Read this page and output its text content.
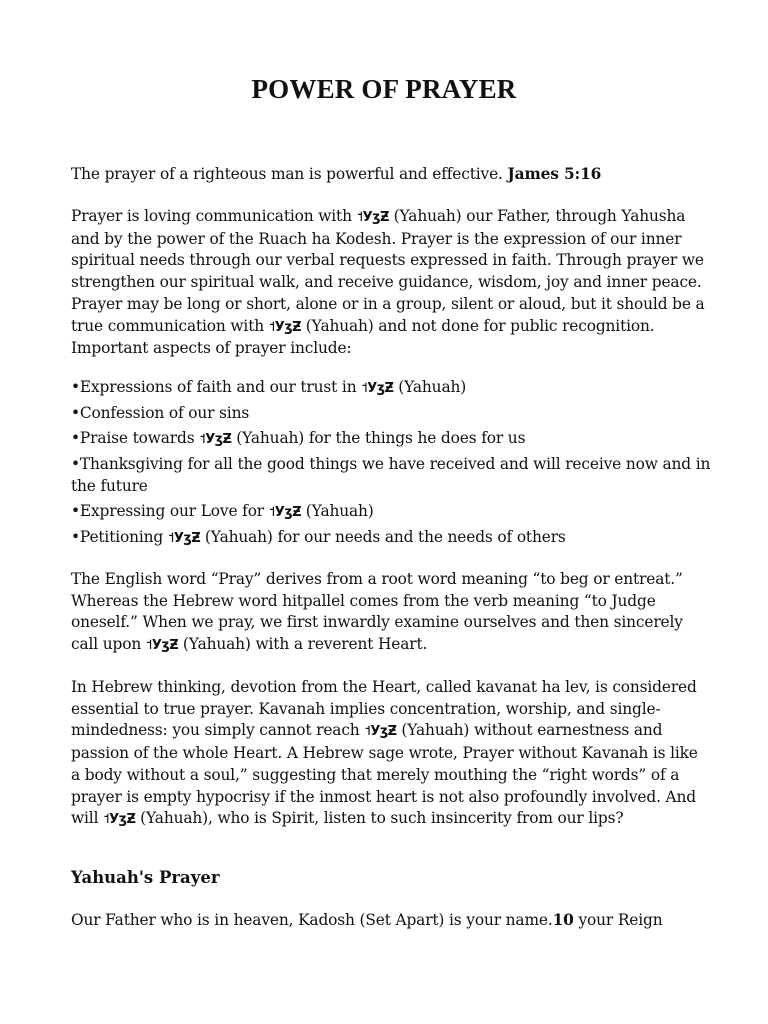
POWER OF PRAYER

The prayer of a righteous man is powerful and effective. James 5:16

Prayer is loving communication with ˦УʒƵ (Yahuah) our Father, through Yahusha and by the power of the Ruach ha Kodesh. Prayer is the expression of our inner spiritual needs through our verbal requests expressed in faith. Through prayer we strengthen our spiritual walk, and receive guidance, wisdom, joy and inner peace. Prayer may be long or short, alone or in a group, silent or aloud, but it should be a true communication with ˦УʒƵ (Yahuah) and not done for public recognition. Important aspects of prayer include:

•Expressions of faith and our trust in ˦УʒƵ (Yahuah)
•Confession of our sins
•Praise towards ˦УʒƵ (Yahuah) for the things he does for us
•Thanksgiving for all the good things we have received and will receive now and in the future
•Expressing our Love for ˦УʒƵ (Yahuah)
•Petitioning ˦УʒƵ (Yahuah) for our needs and the needs of others

The English word “Pray” derives from a root word meaning “to beg or entreat.” Whereas the Hebrew word hitpallel comes from the verb meaning “to Judge oneself.” When we pray, we first inwardly examine ourselves and then sincerely call upon ˦УʒƵ (Yahuah) with a reverent Heart.

In Hebrew thinking, devotion from the Heart, called kavanat ha lev, is considered essential to true prayer. Kavanah implies concentration, worship, and single-mindedness: you simply cannot reach ˦УʒƵ (Yahuah) without earnestness and passion of the whole Heart. A Hebrew sage wrote, Prayer without Kavanah is like a body without a soul,” suggesting that merely mouthing the “right words” of a prayer is empty hypocrisy if the inmost heart is not also profoundly involved. And will ˦УʒƵ (Yahuah), who is Spirit, listen to such insincerity from our lips?

Yahuah's Prayer

Our Father who is in heaven, Kadosh (Set Apart) is your name.10 your Reign
